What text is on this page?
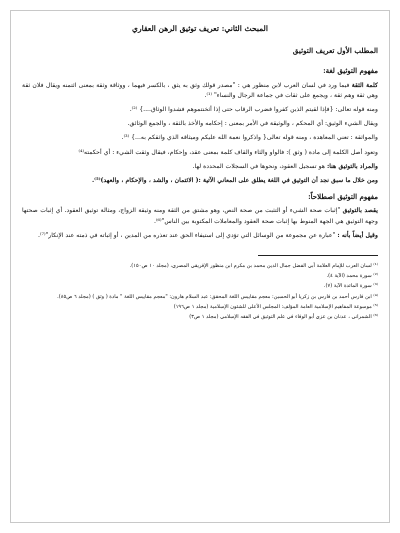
المبحث الثاني: تعريف توثيق الرهن العقاري
المطلب الأول تعريف التوثيق
مفهوم التوثيق لغة:

كلمة الثقة فيما ورد في لسان العرب لابن منظور هي : "مصدر قولك وثق به يثق ، بالكسر فيهما ، ووثاقة وثقة بمعنى ائتمنه ويقال فلان ثقة وهي ثقة وهم ثقة ، ويجمع على ثقات في جماعة الرجال والنساء" ⁽¹⁾.

ومنه قوله تعالى: {فإذا لقيتم الذين كفروا فضرب الرقاب حتى إذا أثخنتموهم فشدوا الوثاق....} ⁽²⁾.

ويقال الشيء الوثيق: أي المحكم ، والوثيقة في الأمر بمعنى : إحكامه والأخذ بالثقة ، والجمع الوثائق.

والمواثقة : تعني المعاهدة ، ومنه قوله تعالى{ واذكروا نعمة الله عليكم وميثاقه الذي واثقكم به...} ⁽³⁾.

وتعود أصل الكلمة إلى مادة ( وثق ): فالواو والثاء والقاف كلمة بمعنى عقد، وإحكام، فيقال وثقت الشيء : أي أحكمته⁽⁴⁾

والمراد بالتوثيق هنا: هو تسجيل العقود، ونحوها في السجلات المحددة لها.

ومن خلال ما سبق نجد أن التوثيق في اللغة يطلق على المعاني الآتية :( الائتمان ، والشد ، والإحكام ، والعهد)⁽⁵⁾.

مفهوم التوثيق اصطلاحاً:

يقصد بالتوثيق "إثبات صحة الشيء أو التثبت من صحة النص، وهو مشتق من الثقة ومنه وثيقة الزواج، ومثالة توثيق العقود. أي إثبات صحتها وجهة التوثيق هي الجهة المنوط بها إثبات صحة العقود والمعاملات المكتوبة بين الناس"⁽⁶⁾.

وقيل أيضاً بأنه : "عبارة عن مجموعة من الوسائل التي تؤدي إلى استيفاء الحق عند تعذره من المدين ، أو إثباته في ذمته عند الإنكار"⁽⁷⁾.

⁽¹⁾ لسان العرب للإمام العلامة أبي الفضل جمال الدين محمد بن مكرم ابن منظور الإفريقي المصري، (مجلد ١٠ ص١٥٠).

⁽²⁾ سورة محمد (الآية ٤).

⁽³⁾ سورة المائدة الآية (٧).

⁽⁴⁾ ابن فارس أحمد بن فارس بن زكريا أبو الحسين: معجم مقاييس اللغة المحقق: عبد السلام هارون: "معجم مقاييس اللغة " مادة ( وثق ) (مجلد ٦ ص٨٥).

⁽⁵⁾ موسوعة المفاهيم الإسلامية العامة المؤلف: المجلس الأعلى للشئون الإسلامية (مجلد ١ ص١٩٦)

⁽⁶⁾ الشمراني ، عدنان بن عزي أبو الوفاء في علم التوثيق في الفقه الإسلامي (مجلد ١ ص٣)
